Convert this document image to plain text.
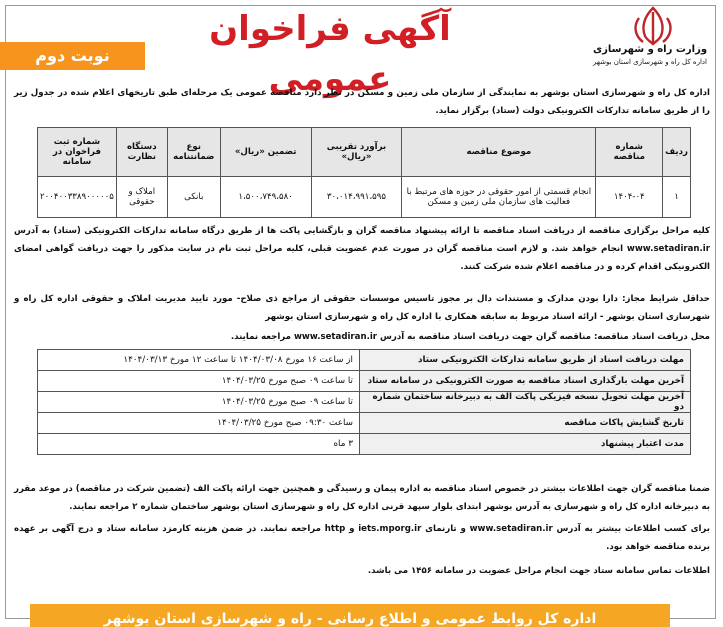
وزارت راه و شهرسازی
اداره کل راه و شهرسازی استان بوشهر
آگهی فراخوان عمومی
نوبت دوم
اداره کل راه و شهرسازی استان بوشهر به نمایندگی از سازمان ملی زمین و مسکن در نظر دارد مناقصه عمومی یک مرحله‌ای طبق تاریخهای اعلام شده در جدول زیر را از طریق سامانه تدارکات الکترونیکی دولت (ستاد) برگزار نماید.
ردیف	شماره مناقصه	موضوع مناقصه	برآورد تقریبی «ریال»	تضمین «ریال»	نوع ضمانتنامه	دستگاه نظارت	شماره ثبت فراخوان در سامانه
۱	۱۴۰۴-۰۴	انجام قسمتی از امور حقوقی در حوزه های مرتبط با فعالیت های سازمان ملی زمین و مسکن	۳۰،۰۱۴،۹۹۱،۵۹۵	۱،۵۰۰،۷۴۹،۵۸۰	بانکی	املاک و حقوقی	۲۰۰۴۰۰۳۳۸۹۰۰۰۰۰۵
کلیه مراحل برگزاری مناقصه از دریافت اسناد مناقصه تا ارائه پیشنهاد مناقصه گران و بازگشایی پاکت ها از طریق درگاه سامانه تدارکات الکترونیکی (ستاد) به آدرس www.setadiran.ir انجام خواهد شد. و لازم است مناقصه گران در صورت عدم عضویت قبلی، کلیه مراحل ثبت نام در سایت مذکور را جهت دریافت گواهی امضای الکترونیکی اقدام کرده و در مناقصه اعلام شده شرکت کنند.
حداقل شرایط مجاز: دارا بودن مدارک و مستندات دال بر مجوز تاسیس موسسات حقوقی از مراجع ذی صلاح- مورد تایید مدیریت املاک و حقوقی اداره کل راه و شهرسازی استان بوشهر - ارائه اسناد مربوط به سابقه همکاری با اداره کل راه و شهرسازی استان بوشهر
محل دریافت اسناد مناقصه: مناقصه گران جهت دریافت اسناد مناقصه به آدرس www.setadiran.ir مراجعه نمایند.
مهلت دریافت اسناد از طریق سامانه تدارکات الکترونیکی ستاد	از ساعت ۱۶ مورخ ۱۴۰۴/۰۳/۰۸ تا ساعت ۱۲ مورخ ۱۴۰۴/۰۳/۱۳
آخرین مهلت بارگذاری اسناد مناقصه به صورت الکترونیکی در سامانه ستاد	تا ساعت ۰۹ صبح مورخ ۱۴۰۴/۰۳/۲۵
آخرین مهلت تحویل نسخه فیزیکی پاکت الف به دبیرخانه ساختمان شماره دو	تا ساعت ۰۹ صبح مورخ ۱۴۰۴/۰۳/۲۵
تاریخ گشایش پاکات مناقصه	ساعت ۰۹:۳۰ صبح مورخ ۱۴۰۴/۰۳/۲۵
مدت اعتبار پیشنهاد	۳ ماه
ضمنا مناقصه گران جهت اطلاعات بیشتر در خصوص اسناد مناقصه به اداره پیمان و رسیدگی و همچنین جهت ارائه پاکت الف (تضمین شرکت در مناقصه) در موعد مقرر به دبیرخانه اداره کل راه و شهرسازی به آدرس بوشهر ابتدای بلوار سپهد قرنی اداره کل راه و شهرسازی استان بوشهر ساختمان شماره ۲ مراجعه نمایند.
برای کسب اطلاعات بیشتر به آدرس www.setadiran.ir و تارنمای iets.mporg.ir و http مراجعه نمایند. در ضمن هزینه کارمزد سامانه ستاد و درج آگهی بر عهده برنده مناقصه خواهد بود.
اطلاعات تماس سامانه ستاد جهت انجام مراحل عضویت در سامانه ۱۴۵۶ می باشد.
اداره کل روابط عمومی و اطلاع رسانی - راه و شهرسازی استان بوشهر
